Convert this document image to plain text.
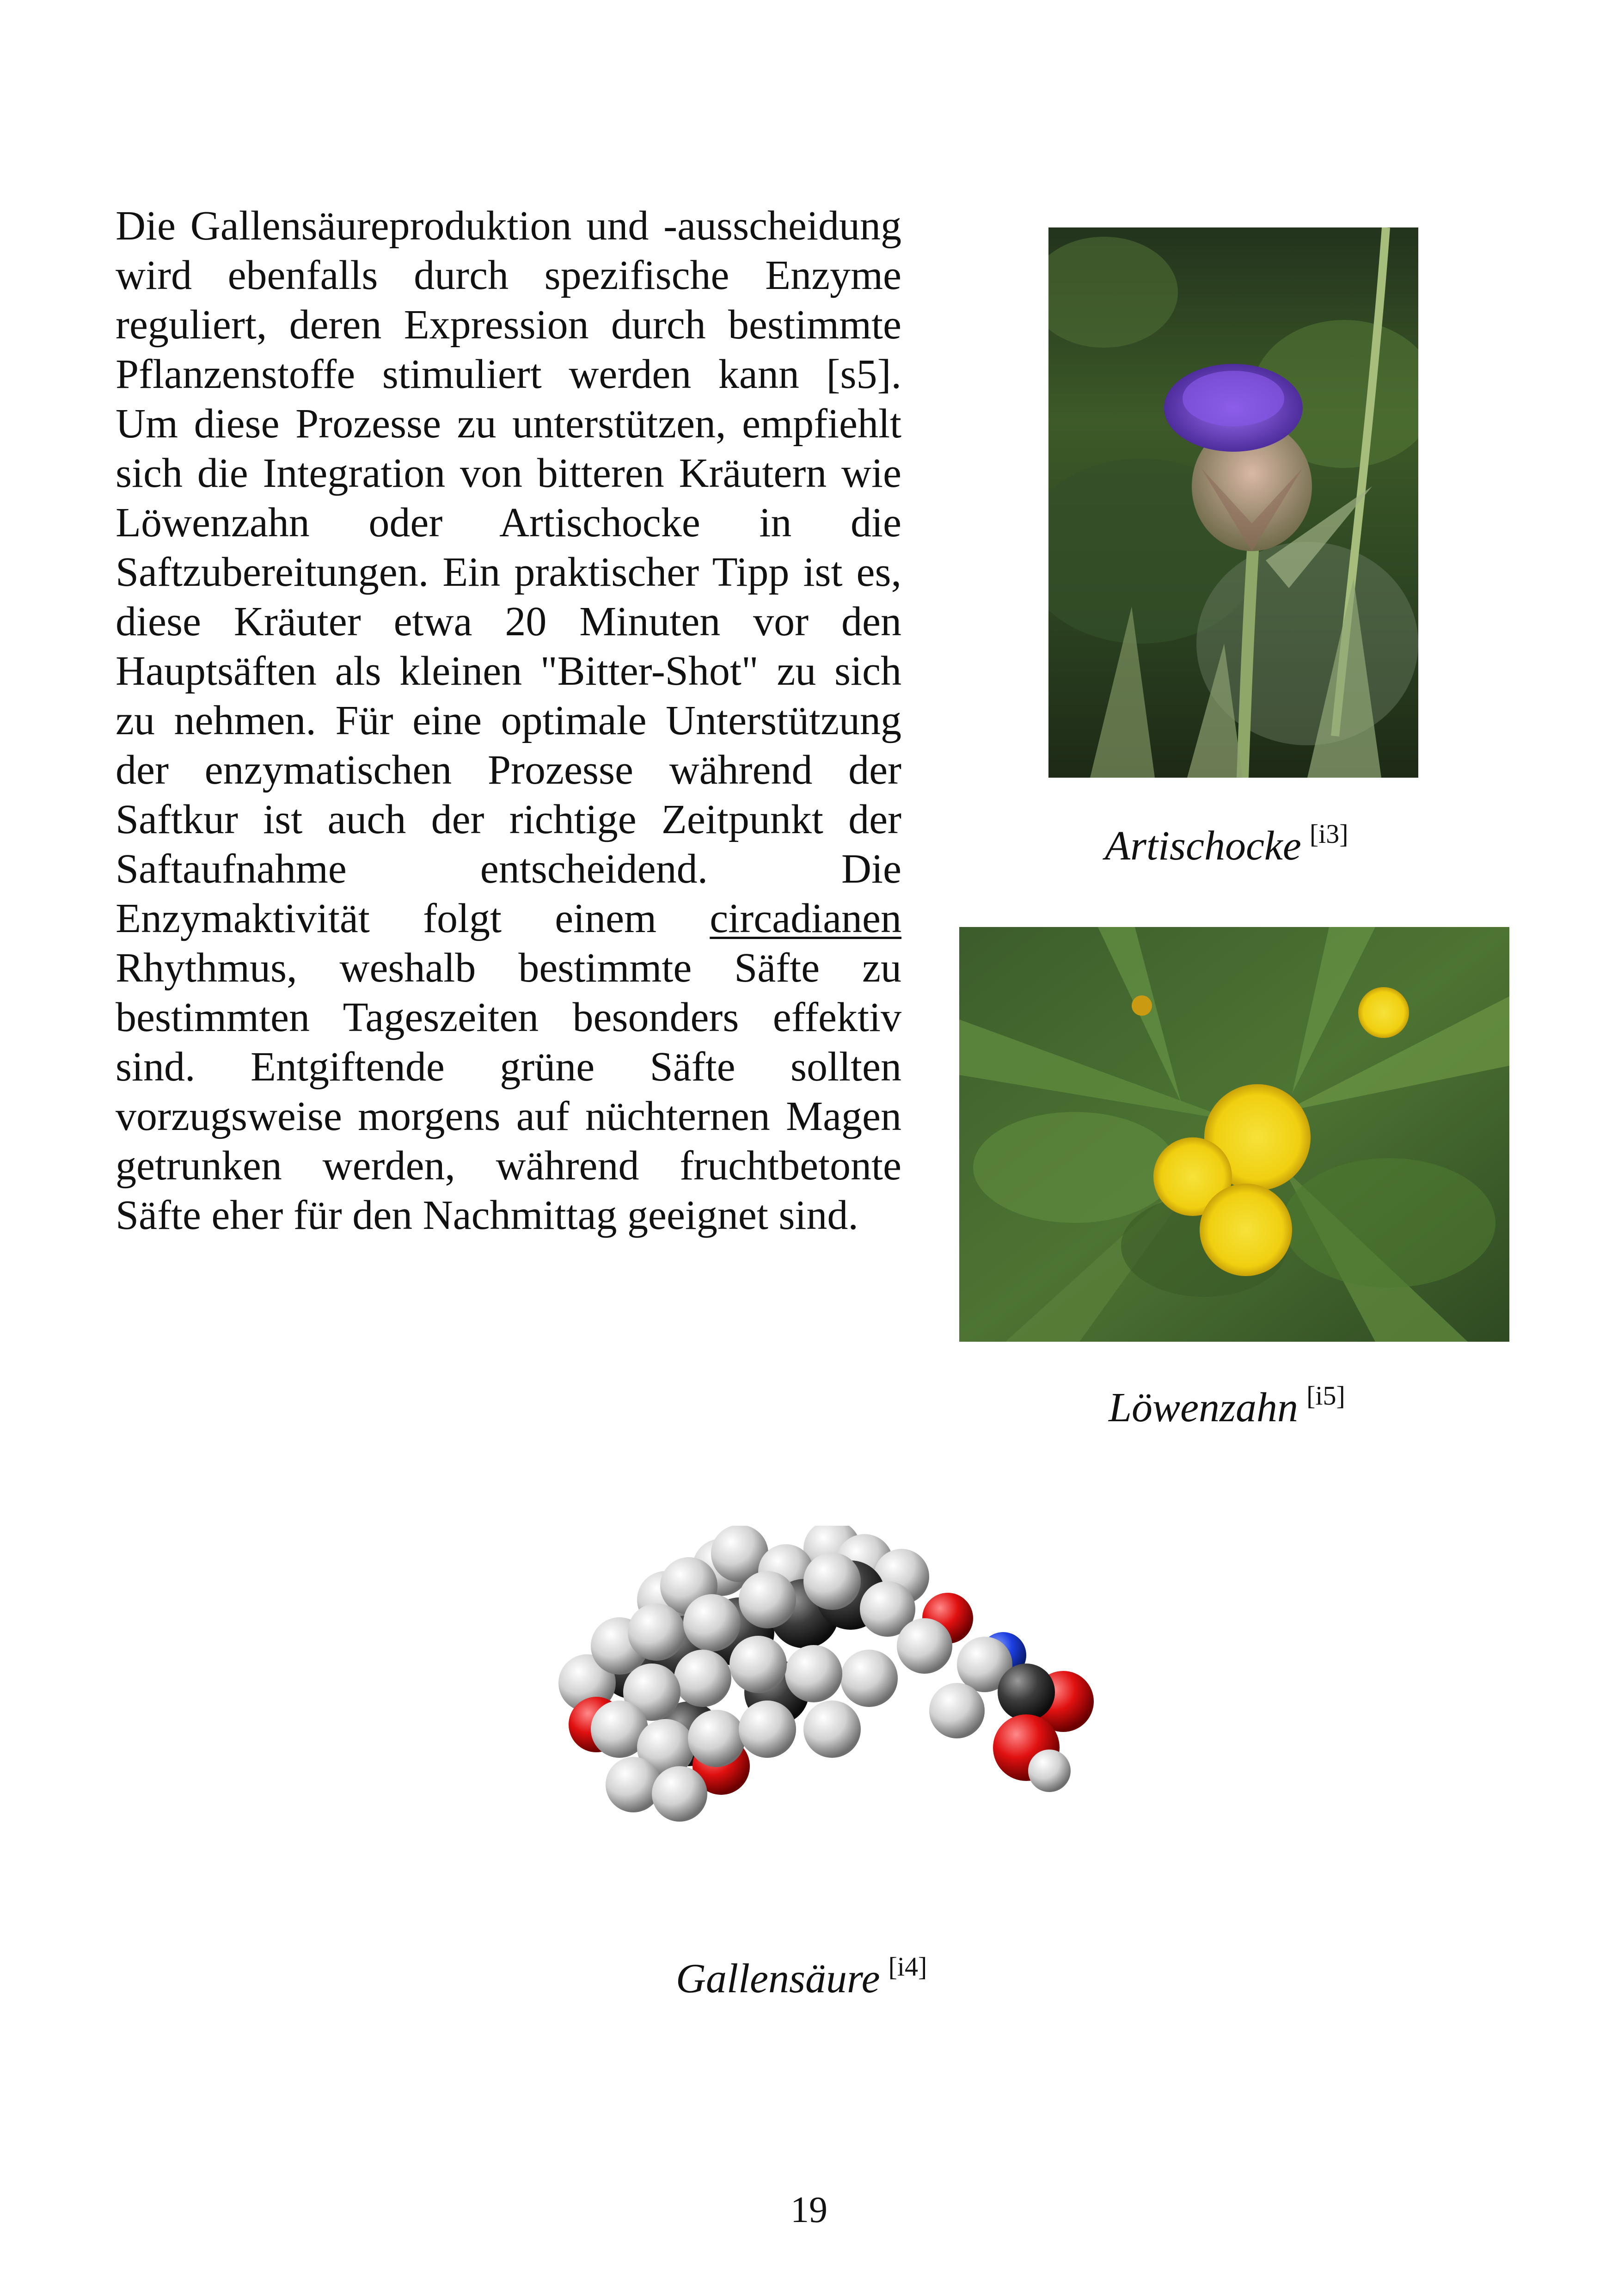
Die Gallensäureproduktion und -ausscheidung wird ebenfalls durch spezifische Enzyme reguliert, deren Expression durch bestimmte Pflanzenstoffe stimuliert werden kann [s5]. Um diese Prozesse zu unterstützen, empfiehlt sich die Integration von bitteren Kräutern wie Löwenzahn oder Artischocke in die Saftzubereitungen. Ein praktischer Tipp ist es, diese Kräuter etwa 20 Minuten vor den Hauptsäften als kleinen "Bitter-Shot" zu sich zu nehmen. Für eine optimale Unterstützung der enzymatischen Prozesse während der Saftkur ist auch der richtige Zeitpunkt der Saftaufnahme entscheidend. Die Enzymaktivität folgt einem circadianen Rhythmus, weshalb bestimmte Säfte zu bestimmten Tageszeiten besonders effektiv sind. Entgiftende grüne Säfte sollten vorzugsweise morgens auf nüchternen Magen getrunken werden, während fruchtbetonte Säfte eher für den Nachmittag geeignet sind.
Artischocke [i3]
Löwenzahn [i5]
Gallensäure [i4]
19
